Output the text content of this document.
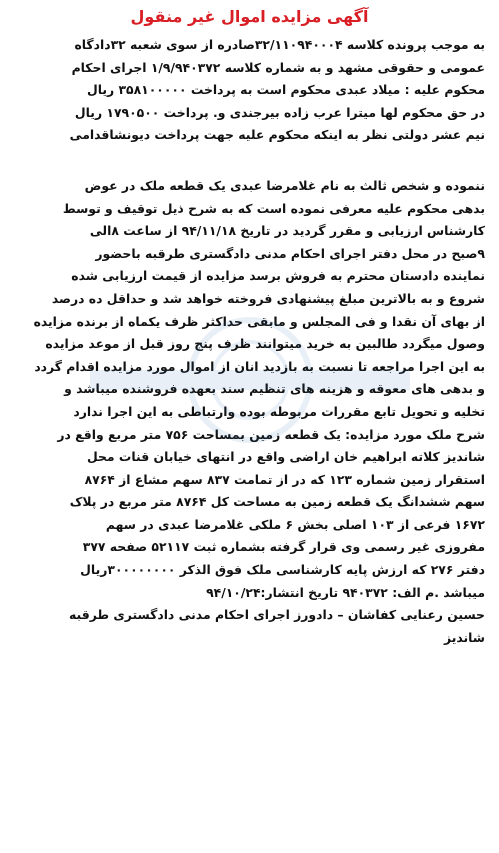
آگهی مزایده اموال غیر منقول
به موجب پرونده کلاسه ۳۲/۱۱۰۹۴۰۰۰۴صادره از سوی شعبه ۳۲دادگاه
عمومی و حقوقی مشهد و به شماره کلاسه ۱/۹/۹۴۰۳۷۲ اجرای احکام
محکوم علیه : میلاد عبدی محکوم است به پرداخت ۳۵۸۱۰۰۰۰۰ ریال
در حق محکوم لها میترا عرب زاده بیرجندی و. پرداخت ۱۷۹۰۵۰۰ ریال
نیم عشر دولتی نظر به اینکه محکوم علیه جهت پرداخت دیونشاقدامی
ننموده و شخص ثالث به نام غلامرضا عبدی یک قطعه ملک در عوض
بدهی محکوم علیه معرفی نموده است که به شرح ذیل توقیف و توسط
کارشناس ارزیابی و مقرر گردید در تاریخ ۹۴/۱۱/۱۸ از ساعت ۸الی
۹صبح در محل دفتر اجرای احکام مدنی دادگستری طرقبه باحضور
نماینده دادستان محترم به فروش برسد مزایده از قیمت ارزیابی شده
شروع و به بالاترین مبلغ پیشنهادی فروخته خواهد شد و حداقل ده درصد
از بهای آن نقدا و فی المجلس و مابقی حداکثر ظرف یکماه از برنده مزایده
وصول میگردد طالبین به خرید میتوانند ظرف پنج روز قبل از موعد مزایده
به این اجرا مراجعه تا نسبت به بازدید انان از اموال مورد مزایده اقدام گردد
و بدهی های معوقه و هزینه های تنظیم سند بعهده فروشنده میباشد و
تخلیه و تحویل تابع مقررات مربوطه بوده وارتباطی به این اجرا ندارد
شرح ملک مورد مزایده: یک قطعه زمین بمساحت ۷۵۶ متر مربع واقع در
شاندیز کلاته ابراهیم خان اراضی واقع در انتهای خیابان قنات محل
استقرار زمین شماره ۱۲۳ که در از تمامت ۸۳۷ سهم مشاع از ۸۷۶۴
سهم ششدانگ یک قطعه زمین به مساحت کل ۸۷۶۴ متر مربع در پلاک
۱۶۷۲ فرعی از ۱۰۳ اصلی بخش ۶ ملکی غلامرضا عبدی در سهم
مفروزی غیر رسمی وی قرار گرفته بشماره ثبت ۵۲۱۱۷ صفحه ۳۷۷
دفتر ۲۷۶ که ارزش پایه کارشناسی ملک فوق الذکر ۳۰۰۰۰۰۰۰۰ریال
میباشد .م الف: ۹۴۰۳۷۲ تاریخ انتشار:۹۴/۱۰/۲۴
حسین رعنایی کفاشان – دادورز اجرای احکام مدنی دادگستری طرقبه
شاندیز
